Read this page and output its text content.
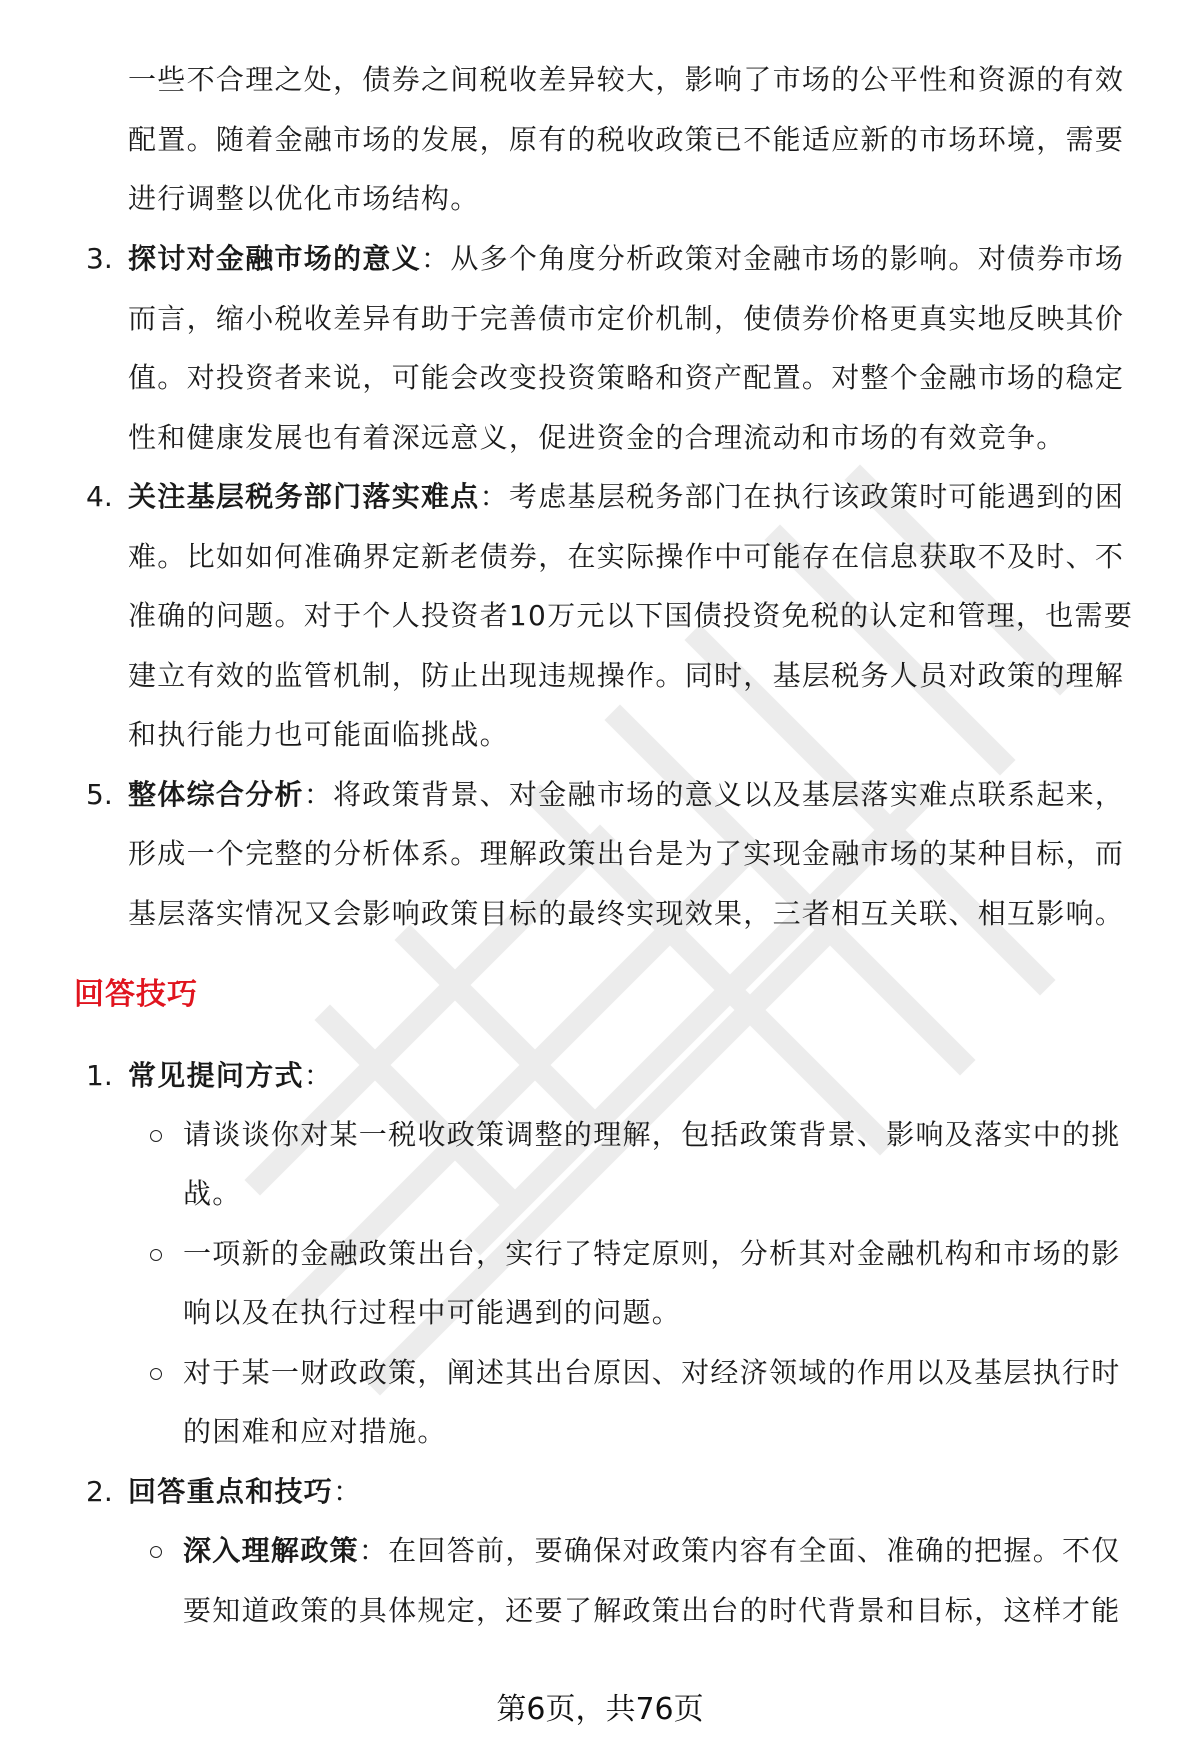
一些不合理之处，债券之间税收差异较大，影响了市场的公平性和资源的有效
配置。随着金融市场的发展，原有的税收政策已不能适应新的市场环境，需要
进行调整以优化市场结构。
3. 探讨对金融市场的意义：从多个角度分析政策对金融市场的影响。对债券市场
而言，缩小税收差异有助于完善债市定价机制，使债券价格更真实地反映其价
值。对投资者来说，可能会改变投资策略和资产配置。对整个金融市场的稳定
性和健康发展也有着深远意义，促进资金的合理流动和市场的有效竞争。
4. 关注基层税务部门落实难点：考虑基层税务部门在执行该政策时可能遇到的困
难。比如如何准确界定新老债券，在实际操作中可能存在信息获取不及时、不
准确的问题。对于个人投资者10万元以下国债投资免税的认定和管理，也需要
建立有效的监管机制，防止出现违规操作。同时，基层税务人员对政策的理解
和执行能力也可能面临挑战。
5. 整体综合分析：将政策背景、对金融市场的意义以及基层落实难点联系起来，
形成一个完整的分析体系。理解政策出台是为了实现金融市场的某种目标，而
基层落实情况又会影响政策目标的最终实现效果，三者相互关联、相互影响。
回答技巧
1. 常见提问方式：
请谈谈你对某一税收政策调整的理解，包括政策背景、影响及落实中的挑
战。
一项新的金融政策出台，实行了特定原则，分析其对金融机构和市场的影
响以及在执行过程中可能遇到的问题。
对于某一财政政策，阐述其出台原因、对经济领域的作用以及基层执行时
的困难和应对措施。
2. 回答重点和技巧：
深入理解政策：在回答前，要确保对政策内容有全面、准确的把握。不仅
要知道政策的具体规定，还要了解政策出台的时代背景和目标，这样才能
第6页，共76页
